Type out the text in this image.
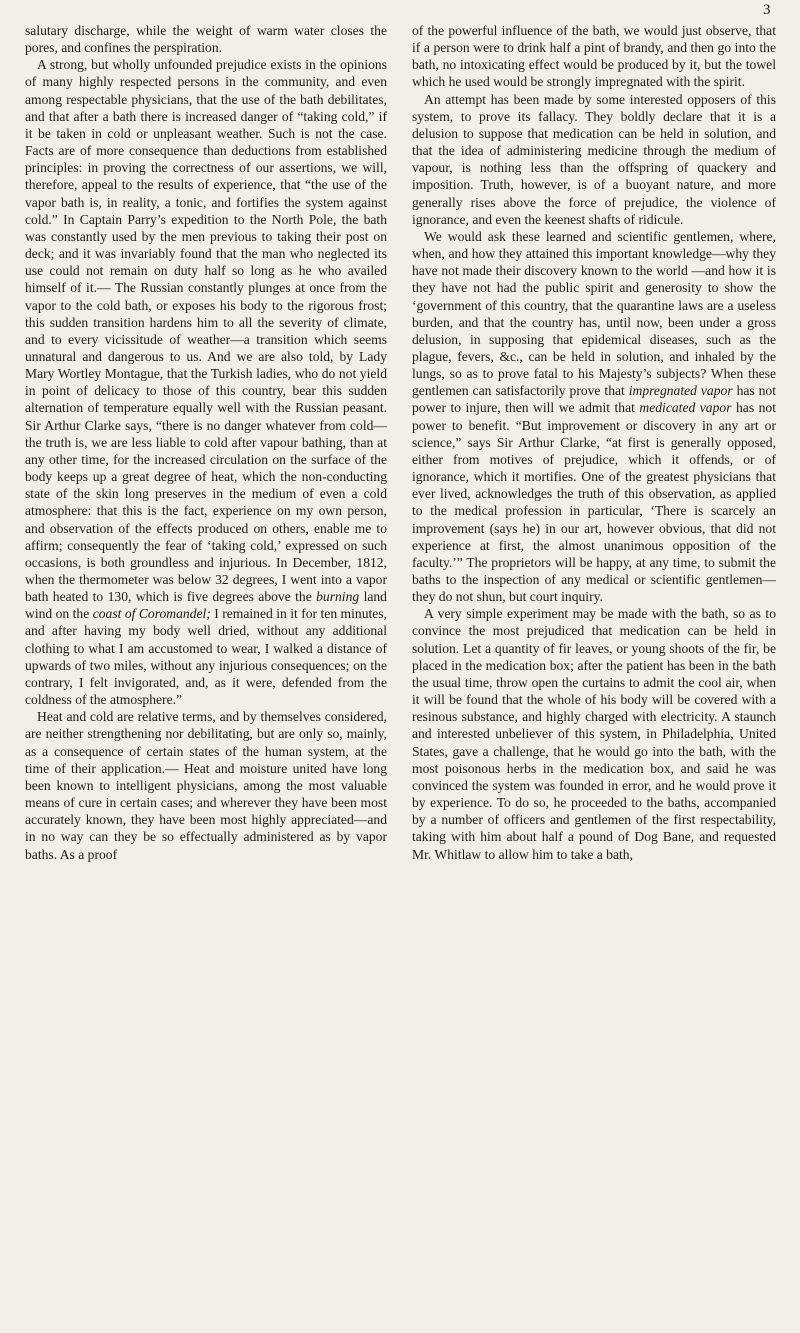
3

salutary discharge, while the weight of warm water closes the pores, and confines the perspiration.

A strong, but wholly unfounded prejudice exists in the opinions of many highly respected persons in the community, and even among respectable physicians, that the use of the bath debilitates, and that after a bath there is increased danger of “taking cold,” if it be taken in cold or unpleasant weather. Such is not the case. Facts are of more consequence than deductions from established principles: in proving the correctness of our assertions, we will, therefore, appeal to the results of experience, that “the use of the vapor bath is, in reality, a tonic, and fortifies the system against cold.” In Captain Parry’s expedition to the North Pole, the bath was constantly used by the men previous to taking their post on deck; and it was invariably found that the man who neglected its use could not remain on duty half so long as he who availed himself of it.— The Russian constantly plunges at once from the vapor to the cold bath, or exposes his body to the rigorous frost; this sudden transition hardens him to all the severity of climate, and to every vicissitude of weather—a transition which seems unnatural and dangerous to us. And we are also told, by Lady Mary Wortley Montague, that the Turkish ladies, who do not yield in point of delicacy to those of this country, bear this sudden alternation of temperature equally well with the Russian peasant. Sir Arthur Clarke says, “there is no danger whatever from cold—the truth is, we are less liable to cold after vapour bathing, than at any other time, for the increased circulation on the surface of the body keeps up a great degree of heat, which the non-conducting state of the skin long preserves in the medium of even a cold atmosphere: that this is the fact, experience on my own person, and observation of the effects produced on others, enable me to affirm; consequently the fear of ‘taking cold,’ expressed on such occasions, is both groundless and injurious. In December, 1812, when the thermometer was below 32 degrees, I went into a vapor bath heated to 130, which is five degrees above the burning land wind on the coast of Coromandel; I remained in it for ten minutes, and after having my body well dried, without any additional clothing to what I am accustomed to wear, I walked a distance of upwards of two miles, without any injurious consequences; on the contrary, I felt invigorated, and, as it were, defended from the coldness of the atmosphere.”

Heat and cold are relative terms, and by themselves considered, are neither strengthening nor debilitating, but are only so, mainly, as a consequence of certain states of the human system, at the time of their application.— Heat and moisture united have long been known to intelligent physicians, among the most valuable means of cure in certain cases; and wherever they have been most accurately known, they have been most highly appreciated—and in no way can they be so effectually administered as by vapor baths. As a proof

of the powerful influence of the bath, we would just observe, that if a person were to drink half a pint of brandy, and then go into the bath, no intoxicating effect would be produced by it, but the towel which he used would be strongly impregnated with the spirit.

An attempt has been made by some interested opposers of this system, to prove its fallacy. They boldly declare that it is a delusion to suppose that medication can be held in solution, and that the idea of administering medicine through the medium of vapour, is nothing less than the offspring of quackery and imposition. Truth, however, is of a buoyant nature, and more generally rises above the force of prejudice, the violence of ignorance, and even the keenest shafts of ridicule.

We would ask these learned and scientific gentlemen, where, when, and how they attained this important knowledge—why they have not made their discovery known to the world —and how it is they have not had the public spirit and generosity to show the ‘government of this country, that the quarantine laws are a useless burden, and that the country has, until now, been under a gross delusion, in supposing that epidemical diseases, such as the plague, fevers, &c., can be held in solution, and inhaled by the lungs, so as to prove fatal to his Majesty’s subjects? When these gentlemen can satisfactorily prove that impregnated vapor has not power to injure, then will we admit that medicated vapor has not power to benefit. “But improvement or discovery in any art or science,” says Sir Arthur Clarke, “at first is generally opposed, either from motives of prejudice, which it offends, or of ignorance, which it mortifies. One of the greatest physicians that ever lived, acknowledges the truth of this observation, as applied to the medical profession in particular, ‘There is scarcely an improvement (says he) in our art, however obvious, that did not experience at first, the almost unanimous opposition of the faculty.’” The proprietors will be happy, at any time, to submit the baths to the inspection of any medical or scientific gentlemen—they do not shun, but court inquiry.

A very simple experiment may be made with the bath, so as to convince the most prejudiced that medication can be held in solution. Let a quantity of fir leaves, or young shoots of the fir, be placed in the medication box; after the patient has been in the bath the usual time, throw open the curtains to admit the cool air, when it will be found that the whole of his body will be covered with a resinous substance, and highly charged with electricity. A staunch and interested unbeliever of this system, in Philadelphia, United States, gave a challenge, that he would go into the bath, with the most poisonous herbs in the medication box, and said he was convinced the system was founded in error, and he would prove it by experience. To do so, he proceeded to the baths, accompanied by a number of officers and gentlemen of the first respectability, taking with him about half a pound of Dog Bane, and requested Mr. Whitlaw to allow him to take a bath,
